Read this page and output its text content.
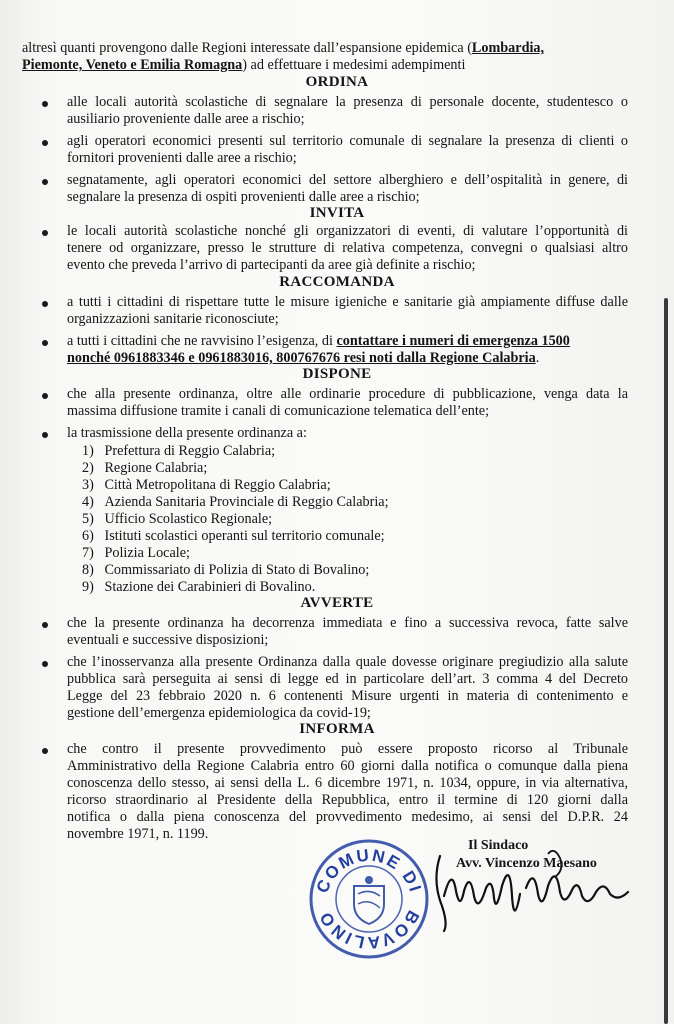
altresì quanti provengono dalle Regioni interessate dall’espansione epidemica (Lombardia,
Piemonte, Veneto e Emilia Romagna) ad effettuare i medesimi adempimenti
ORDINA
alle locali autorità scolastiche di segnalare la presenza di personale docente, studentesco o
ausiliario proveniente dalle aree a rischio;
agli operatori economici presenti sul territorio comunale di segnalare la presenza di clienti o
fornitori provenienti dalle aree a rischio;
segnatamente, agli operatori economici del settore alberghiero e dell’ospitalità in genere, di
segnalare la presenza di ospiti provenienti dalle aree a rischio;
INVITA
le locali autorità scolastiche nonché gli organizzatori di eventi, di valutare l’opportunità di
tenere od organizzare, presso le strutture di relativa competenza, convegni o qualsiasi altro
evento che preveda l’arrivo di partecipanti da aree già definite a rischio;
RACCOMANDA
a tutti i cittadini di rispettare tutte le misure igieniche e sanitarie già ampiamente diffuse dalle
organizzazioni sanitarie riconosciute;
a tutti i cittadini che ne ravvisino l’esigenza, di contattare i numeri di emergenza 1500
nonché 0961883346 e 0961883016, 800767676 resi noti dalla Regione Calabria.
DISPONE
che alla presente ordinanza, oltre alle ordinarie procedure di pubblicazione, venga data la
massima diffusione tramite i canali di comunicazione telematica dell’ente;
la trasmissione della presente ordinanza a:
1) Prefettura di Reggio Calabria;
2) Regione Calabria;
3) Città Metropolitana di Reggio Calabria;
4) Azienda Sanitaria Provinciale di Reggio Calabria;
5) Ufficio Scolastico Regionale;
6) Istituti scolastici operanti sul territorio comunale;
7) Polizia Locale;
8) Commissariato di Polizia di Stato di Bovalino;
9) Stazione dei Carabinieri di Bovalino.
AVVERTE
che la presente ordinanza ha decorrenza immediata e fino a successiva revoca, fatte salve
eventuali e successive disposizioni;
che l’inosservanza alla presente Ordinanza dalla quale dovesse originare pregiudizio alla salute
pubblica sarà perseguita ai sensi di legge ed in particolare dell’art. 3 comma 4 del Decreto
Legge del 23 febbraio 2020 n. 6 contenenti Misure urgenti in materia di contenimento e
gestione dell’emergenza epidemiologica da covid-19;
INFORMA
che contro il presente provvedimento può essere proposto ricorso al Tribunale
Amministrativo della Regione Calabria entro 60 giorni dalla notifica o comunque dalla piena
conoscenza dello stesso, ai sensi della L. 6 dicembre 1971, n. 1034, oppure, in via alternativa,
ricorso straordinario al Presidente della Repubblica, entro il termine di 120 giorni dalla
notifica o dalla piena conoscenza del provvedimento medesimo, ai sensi del D.P.R. 24
novembre 1971, n. 1199.
COMUNE DI
BOVALINO
Il Sindaco
Avv. Vincenzo Maesano
